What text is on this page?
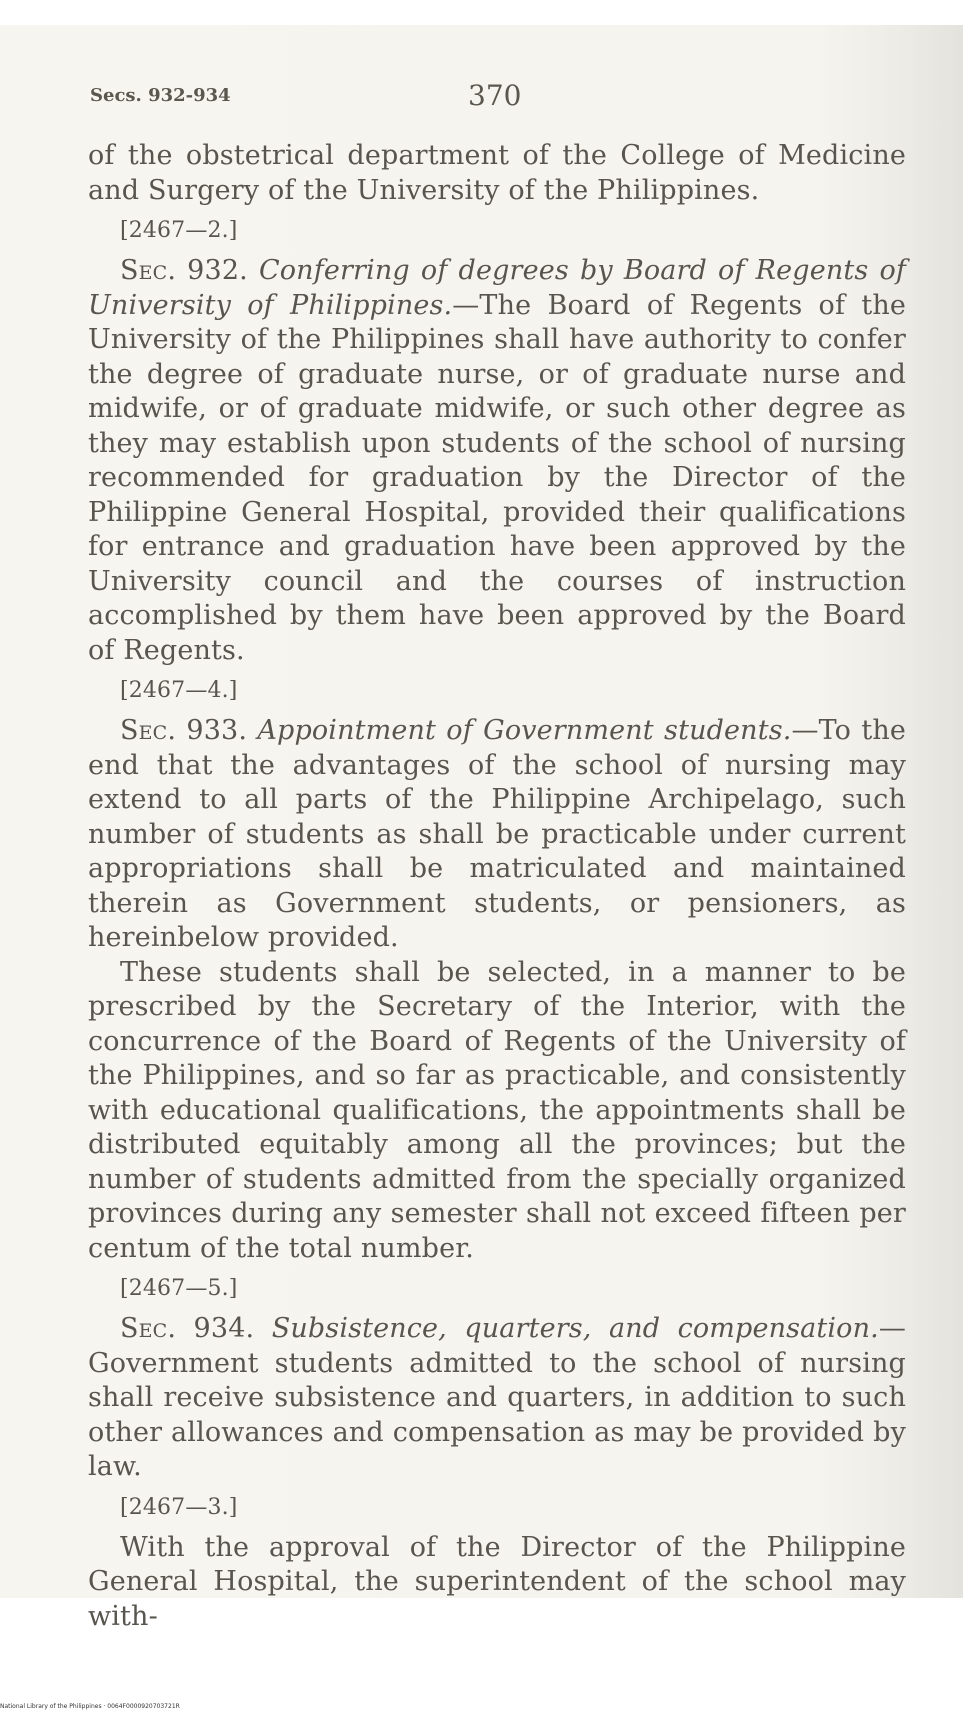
Secs. 932-934	370

of the obstetrical department of the College of Medicine and Surgery of the University of the Philippines.

[2467—2.]

Sec. 932. Conferring of degrees by Board of Regents of University of Philippines.—The Board of Regents of the University of the Philippines shall have authority to confer the degree of graduate nurse, or of graduate nurse and midwife, or of graduate midwife, or such other degree as they may establish upon students of the school of nursing recommended for graduation by the Director of the Philippine General Hospital, provided their qualifications for entrance and graduation have been approved by the University council and the courses of instruction accomplished by them have been approved by the Board of Regents.

[2467—4.]

Sec. 933. Appointment of Government students.—To the end that the advantages of the school of nursing may extend to all parts of the Philippine Archipelago, such number of students as shall be practicable under current appropriations shall be matriculated and maintained therein as Government students, or pensioners, as hereinbelow provided.

These students shall be selected, in a manner to be prescribed by the Secretary of the Interior, with the concurrence of the Board of Regents of the University of the Philippines, and so far as practicable, and consistently with educational qualifications, the appointments shall be distributed equitably among all the provinces; but the number of students admitted from the specially organized provinces during any semester shall not exceed fifteen per centum of the total number.

[2467—5.]

Sec. 934. Subsistence, quarters, and compensation.—Government students admitted to the school of nursing shall receive subsistence and quarters, in addition to such other allowances and compensation as may be provided by law.

[2467—3.]

With the approval of the Director of the Philippine General Hospital, the superintendent of the school may with-

National Library of the Philippines · 0064F0000920703721R
